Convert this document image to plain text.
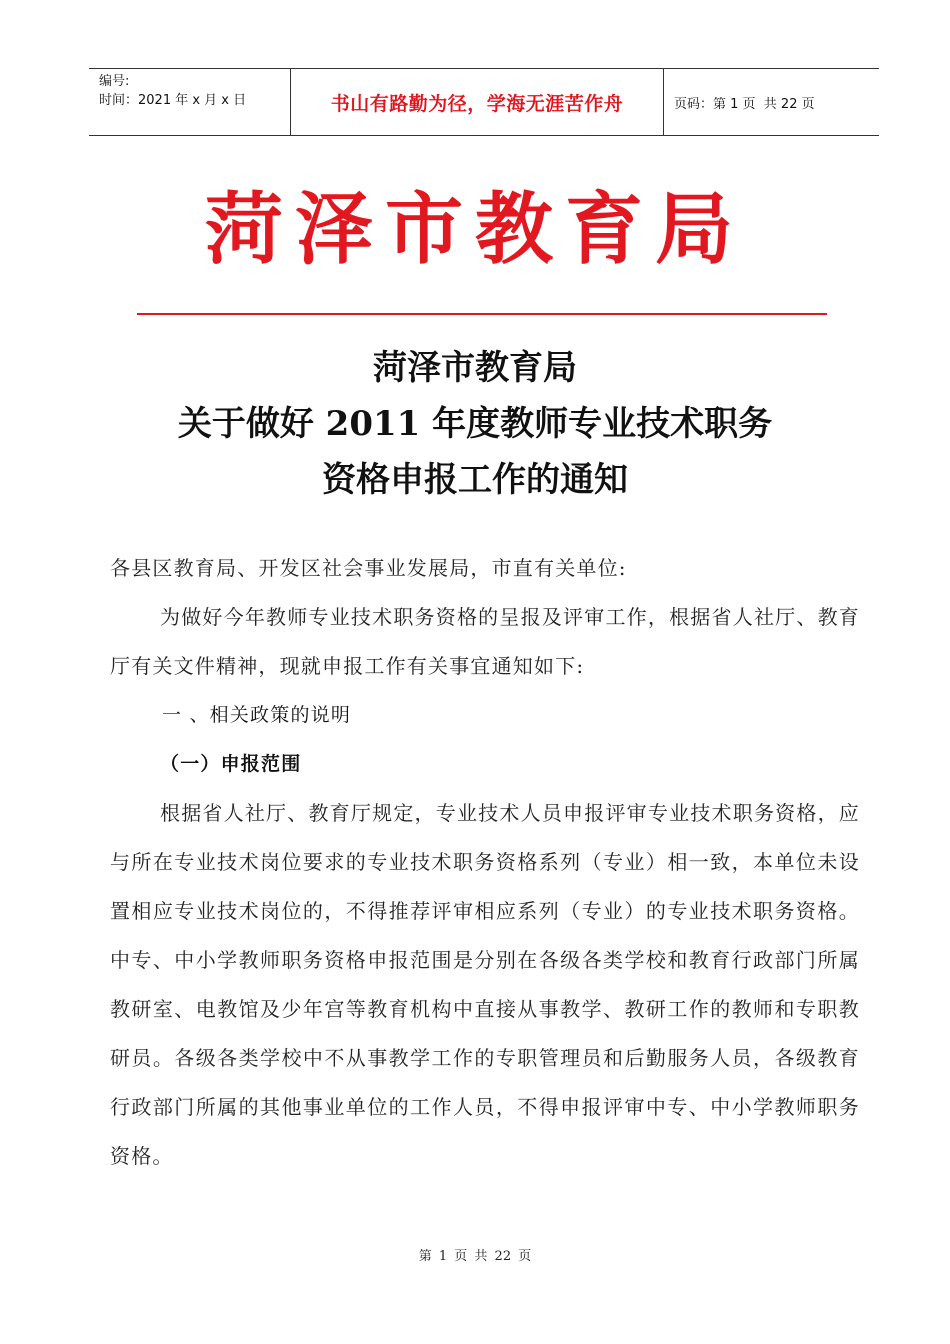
编号:
时间：2021 年 x 月 x 日	书山有路勤为径，学海无涯苦作舟	页码：第 1 页  共 22 页
菏泽市教育局
菏泽市教育局
关于做好 2011 年度教师专业技术职务
资格申报工作的通知

各县区教育局、开发区社会事业发展局，市直有关单位:

为做好今年教师专业技术职务资格的呈报及评审工作，根据省人社厅、教育厅有关文件精神，现就申报工作有关事宜通知如下:

一 、相关政策的说明

（一）申报范围

根据省人社厅、教育厅规定，专业技术人员申报评审专业技术职务资格，应与所在专业技术岗位要求的专业技术职务资格系列（专业）相一致，本单位未设置相应专业技术岗位的，不得推荐评审相应系列（专业）的专业技术职务资格。中专、中小学教师职务资格申报范围是分别在各级各类学校和教育行政部门所属教研室、电教馆及少年宫等教育机构中直接从事教学、教研工作的教师和专职教研员。各级各类学校中不从事教学工作的专职管理员和后勤服务人员，各级教育行政部门所属的其他事业单位的工作人员，不得申报评审中专、中小学教师职务资格。

第 1 页 共 22 页
